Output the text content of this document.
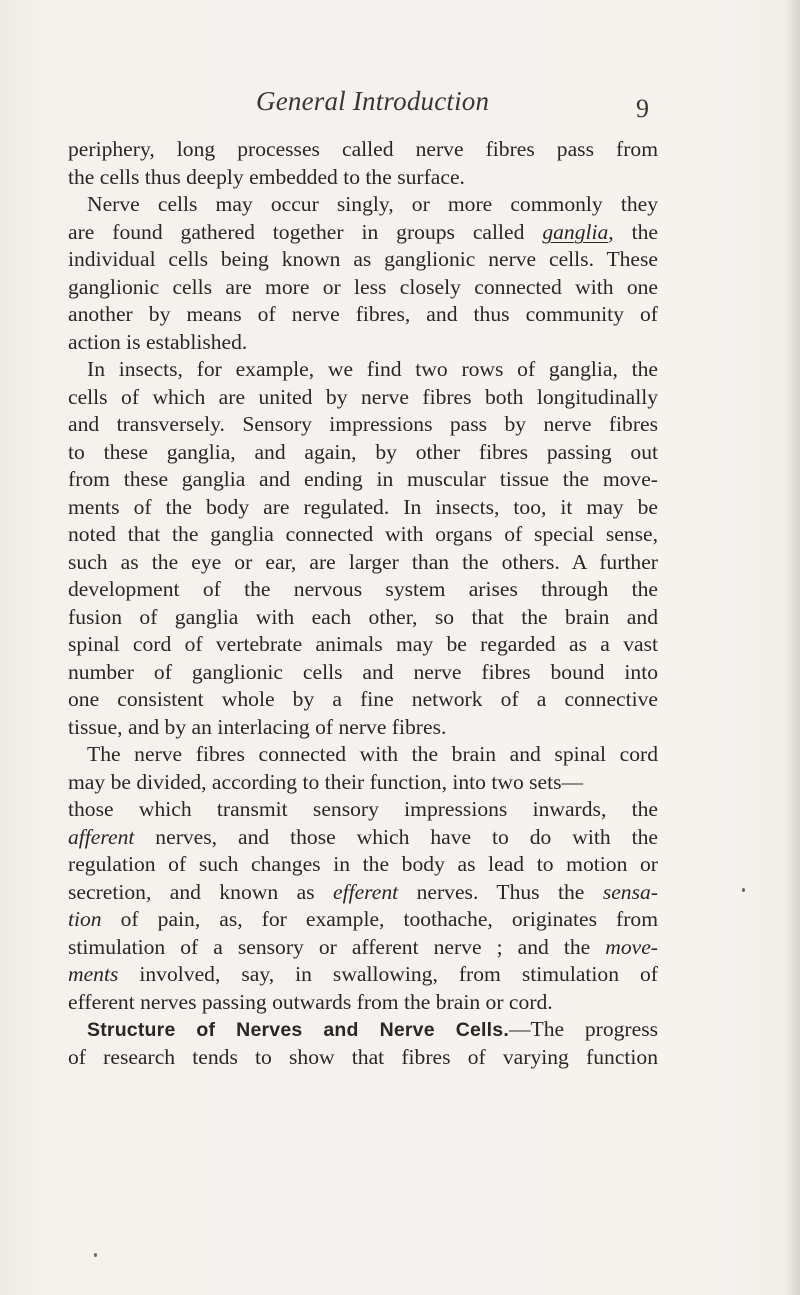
General Introduction	9
periphery, long processes called nerve fibres pass from
the cells thus deeply embedded to the surface.
Nerve cells may occur singly, or more commonly they
are found gathered together in groups called ganglia, the
individual cells being known as ganglionic nerve cells. These
ganglionic cells are more or less closely connected with one
another by means of nerve fibres, and thus community of
action is established.
In insects, for example, we find two rows of ganglia, the
cells of which are united by nerve fibres both longitudinally
and transversely. Sensory impressions pass by nerve fibres
to these ganglia, and again, by other fibres passing out
from these ganglia and ending in muscular tissue the move-
ments of the body are regulated. In insects, too, it may be
noted that the ganglia connected with organs of special sense,
such as the eye or ear, are larger than the others. A further
development of the nervous system arises through the
fusion of ganglia with each other, so that the brain and
spinal cord of vertebrate animals may be regarded as a vast
number of ganglionic cells and nerve fibres bound into
one consistent whole by a fine network of a connective
tissue, and by an interlacing of nerve fibres.
The nerve fibres connected with the brain and spinal cord
may be divided, according to their function, into two sets—
those which transmit sensory impressions inwards, the
afferent nerves, and those which have to do with the
regulation of such changes in the body as lead to motion or
secretion, and known as efferent nerves. Thus the sensa-
tion of pain, as, for example, toothache, originates from
stimulation of a sensory or afferent nerve ; and the move-
ments involved, say, in swallowing, from stimulation of
efferent nerves passing outwards from the brain or cord.
Structure of Nerves and Nerve Cells.—The progress
of research tends to show that fibres of varying function
